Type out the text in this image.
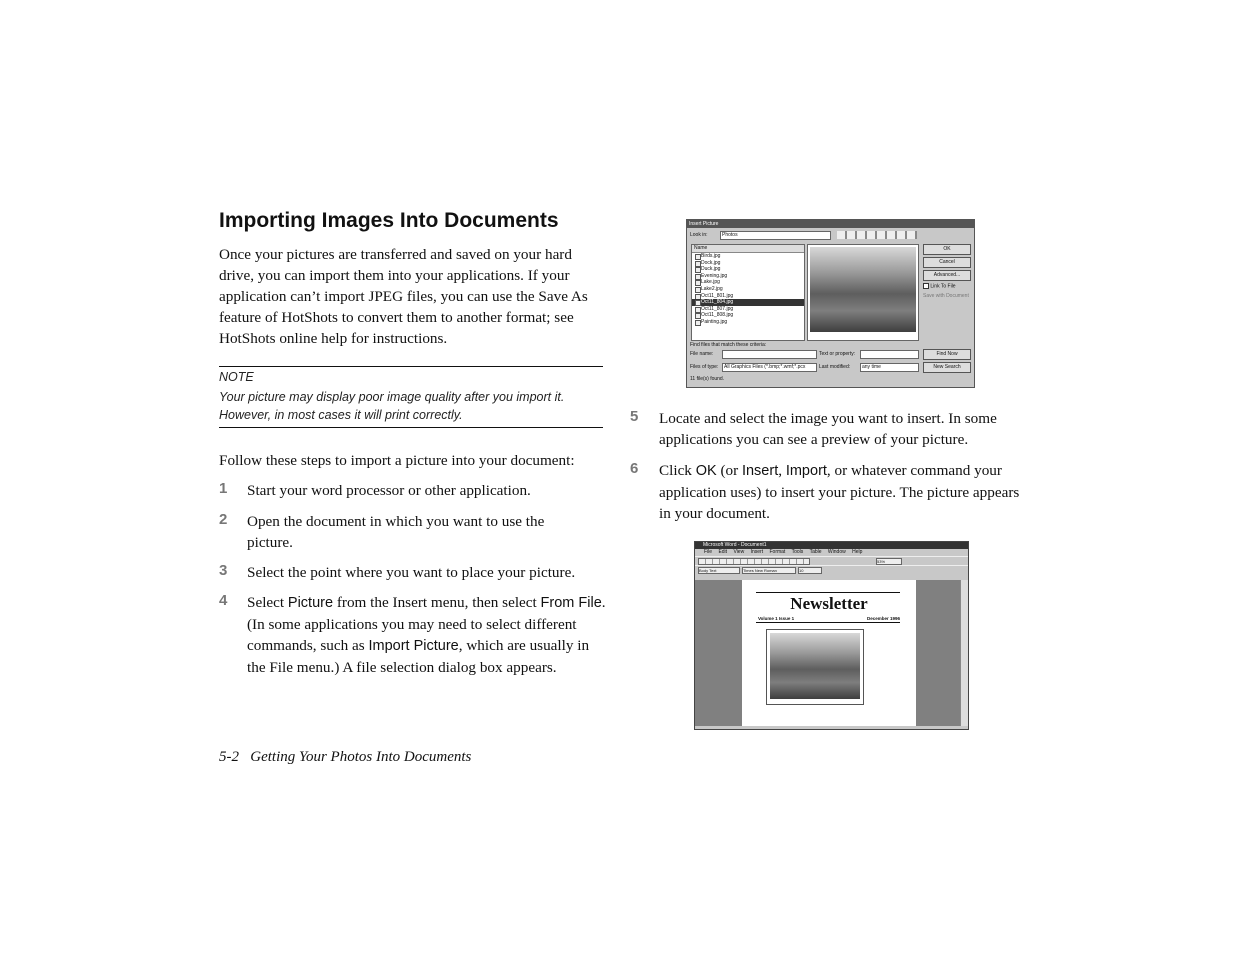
Importing Images Into Documents
Once your pictures are transferred and saved on your hard drive, you can import them into your applications. If your application can’t import JPEG files, you can use the Save As feature of HotShots to convert them to another format; see HotShots online help for instructions.
NOTE
Your picture may display poor image quality after you import it. However, in most cases it will print correctly.
Follow these steps to import a picture into your document:
1 Start your word processor or other application.
2 Open the document in which you want to use the picture.
3 Select the point where you want to place your picture.
4 Select Picture from the Insert menu, then select From File. (In some applications you may need to select different commands, such as Import Picture, which are usually in the File menu.) A file selection dialog box appears.
5 Locate and select the image you want to insert. In some applications you can see a preview of your picture.
6 Click OK (or Insert, Import, or whatever command your application uses) to insert your picture. The picture appears in your document.
Insert Picture
Look in:	Photos
Name
Birds.jpg
Dock.jpg
Duck.jpg
Evening.jpg
Lake.jpg
Lake2.jpg
Oct11_801.jpg
Oct11_804.jpg
Oct11_807.jpg
Oct11_808.jpg
Painting.jpg
OK
Cancel
Advanced...
Link To File
Save with Document
Find files that match these criteria:
File name:	Text or property:	Find Now
Files of type:	All Graphics Files (*.bmp;*.wmf;*.pcx	Last modified:	any time	New Search
11 file(s) found.
Microsoft Word - Document1
File Edit View Insert Format Tools Table Window Help
53%
Body Text	Times New Roman	10
Newsletter
Volume 1 Issue 1	December 1996
5-2 Getting Your Photos Into Documents
